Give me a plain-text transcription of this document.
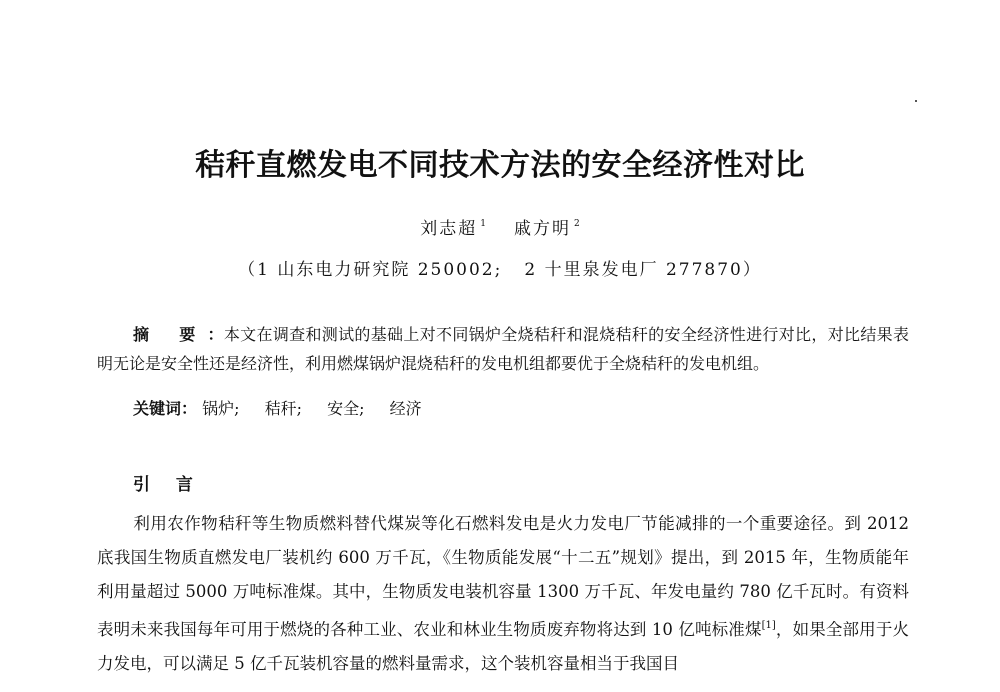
秸秆直燃发电不同技术方法的安全经济性对比
刘志超 $^1$ 戚方明 $^2$
（1 山东电力研究院 250002; 2 十里泉发电厂 277870）
摘 要：本文在调查和测试的基础上对不同锅炉全烧秸秆和混烧秸秆的安全经济性进行对比，对比结果表明无论是安全性还是经济性，利用燃煤锅炉混烧秸秆的发电机组都要优于全烧秸秆的发电机组。
关键词： 锅炉; 秸秆; 安全; 经济
引 言
利用农作物秸秆等生物质燃料替代煤炭等化石燃料发电是火力发电厂节能减排的一个重要途径。到 2012 底我国生物质直燃发电厂装机约 600 万千瓦，《生物质能发展“十二五”规划》提出，到 2015 年，生物质能年利用量超过 5000 万吨标准煤。其中，生物质发电装机容量 1300 万千瓦、年发电量约 780 亿千瓦时。有资料表明未来我国每年可用于燃烧的各种工业、农业和林业生物质废弃物将达到 10 亿吨标准煤[1]，如果全部用于火力发电，可以满足 5 亿千瓦装机容量的燃料量需求，这个装机容量相当于我国目
